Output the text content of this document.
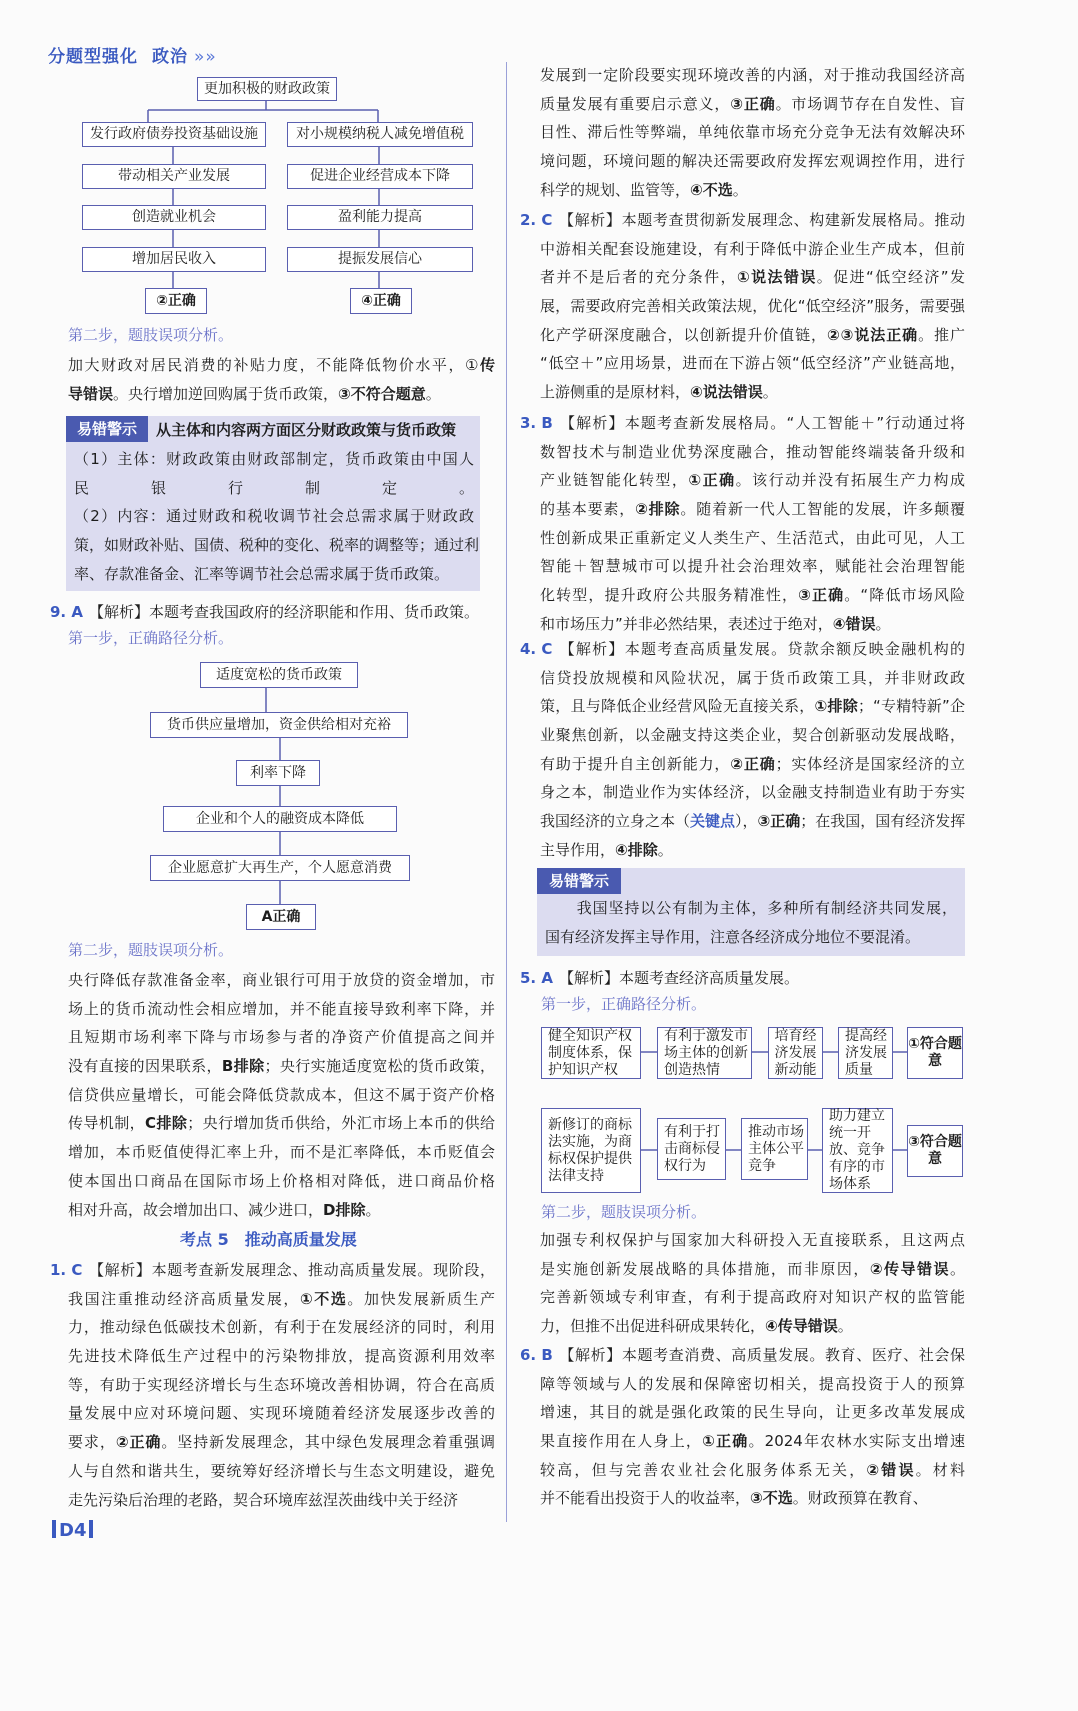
分题型强化 政治 »»
更加积极的财政政策
发行政府债券投资基础设施
带动相关产业发展
创造就业机会
增加居民收入
②正确
对小规模纳税人减免增值税
促进企业经营成本下降
盈利能力提高
提振发展信心
④正确
第二步，题肢误项分析。
加大财政对居民消费的补贴力度，不能降低物价水平，①传
导错误。央行增加逆回购属于货币政策，③不符合题意。
易错警示	从主体和内容两方面区分财政政策与货币政策
（1）主体：财政政策由财政部制定，货币政策由中国人
民银行制定。
（2）内容：通过财政和税收调节社会总需求属于财政政
策，如财政补贴、国债、税种的变化、税率的调整等；通过利
率、存款准备金、汇率等调节社会总需求属于货币政策。
9. A 【解析】本题考查我国政府的经济职能和作用、货币政策。
第一步，正确路径分析。
适度宽松的货币政策
货币供应量增加，资金供给相对充裕
利率下降
企业和个人的融资成本降低
企业愿意扩大再生产，个人愿意消费
A正确
第二步，题肢误项分析。
央行降低存款准备金率，商业银行可用于放贷的资金增加，市
场上的货币流动性会相应增加，并不能直接导致利率下降，并
且短期市场利率下降与市场参与者的净资产价值提高之间并
没有直接的因果联系，B排除；央行实施适度宽松的货币政策，
信贷供应量增长，可能会降低贷款成本，但这不属于资产价格
传导机制，C排除；央行增加货币供给，外汇市场上本币的供给
增加，本币贬值使得汇率上升，而不是汇率降低，本币贬值会
使本国出口商品在国际市场上价格相对降低，进口商品价格
相对升高，故会增加出口、减少进口，D排除。
考点 5　推动高质量发展
1. C 【解析】本题考查新发展理念、推动高质量发展。现阶段，
我国注重推动经济高质量发展，①不选。加快发展新质生产
力，推动绿色低碳技术创新，有利于在发展经济的同时，利用
先进技术降低生产过程中的污染物排放，提高资源利用效率
等，有助于实现经济增长与生态环境改善相协调，符合在高质
量发展中应对环境问题、实现环境随着经济发展逐步改善的
要求，②正确。坚持新发展理念，其中绿色发展理念着重强调
人与自然和谐共生，要统筹好经济增长与生态文明建设，避免
走先污染后治理的老路，契合环境库兹涅茨曲线中关于经济
发展到一定阶段要实现环境改善的内涵，对于推动我国经济高
质量发展有重要启示意义，③正确。市场调节存在自发性、盲
目性、滞后性等弊端，单纯依靠市场充分竞争无法有效解决环
境问题，环境问题的解决还需要政府发挥宏观调控作用，进行
科学的规划、监管等，④不选。
2. C 【解析】本题考查贯彻新发展理念、构建新发展格局。推动
中游相关配套设施建设，有利于降低中游企业生产成本，但前
者并不是后者的充分条件，①说法错误。促进“低空经济”发
展，需要政府完善相关政策法规，优化“低空经济”服务，需要强
化产学研深度融合，以创新提升价值链，②③说法正确。推广
“低空＋”应用场景，进而在下游占领“低空经济”产业链高地，
上游侧重的是原材料，④说法错误。
3. B 【解析】本题考查新发展格局。“人工智能＋”行动通过将
数智技术与制造业优势深度融合，推动智能终端装备升级和
产业链智能化转型，①正确。该行动并没有拓展生产力构成
的基本要素，②排除。随着新一代人工智能的发展，许多颠覆
性创新成果正重新定义人类生产、生活范式，由此可见，人工
智能＋智慧城市可以提升社会治理效率，赋能社会治理智能
化转型，提升政府公共服务精准性，③正确。“降低市场风险
和市场压力”并非必然结果，表述过于绝对，④错误。
4. C 【解析】本题考查高质量发展。贷款余额反映金融机构的
信贷投放规模和风险状况，属于货币政策工具，并非财政政
策，且与降低企业经营风险无直接关系，①排除；“专精特新”企
业聚焦创新，以金融支持这类企业，契合创新驱动发展战略，
有助于提升自主创新能力，②正确；实体经济是国家经济的立
身之本，制造业作为实体经济，以金融支持制造业有助于夯实
我国经济的立身之本（关键点），③正确；在我国，国有经济发挥
主导作用，④排除。
易错警示
　　我国坚持以公有制为主体，多种所有制经济共同发展，
国有经济发挥主导作用，注意各经济成分地位不要混淆。
5. A 【解析】本题考查经济高质量发展。
第一步，正确路径分析。
健全知识产权制度体系，保护知识产权
有利于激发市场主体的创新创造热情
培育经济发展新动能
提高经济发展质量
①符合题意
新修订的商标法实施，为商标权保护提供法律支持
有利于打击商标侵权行为
推动市场主体公平竞争
助力建立统一开放、竞争有序的市场体系
③符合题意
第二步，题肢误项分析。
加强专利权保护与国家加大科研投入无直接联系，且这两点
是实施创新发展战略的具体措施，而非原因，②传导错误。
完善新领域专利审查，有利于提高政府对知识产权的监管能
力，但推不出促进科研成果转化，④传导错误。
6. B 【解析】本题考查消费、高质量发展。教育、医疗、社会保
障等领域与人的发展和保障密切相关，提高投资于人的预算
增速，其目的就是强化政策的民生导向，让更多改革发展成
果直接作用在人身上，①正确。2024年农林水实际支出增速
较高，但与完善农业社会化服务体系无关，②错误。材料
并不能看出投资于人的收益率，③不选。财政预算在教育、
D4
